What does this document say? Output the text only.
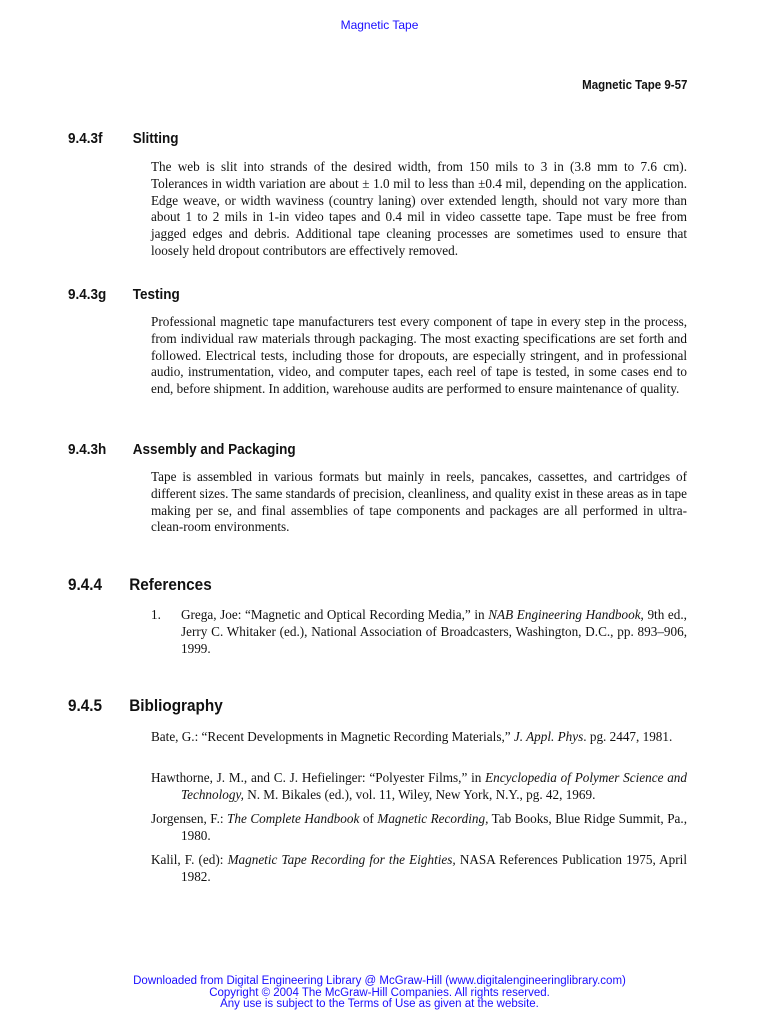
Magnetic Tape
Magnetic Tape 9-57
9.4.3f Slitting

The web is slit into strands of the desired width, from 150 mils to 3 in (3.8 mm to 7.6 cm). Tolerances in width variation are about ± 1.0 mil to less than ±0.4 mil, depending on the application. Edge weave, or width waviness (country laning) over extended length, should not vary more than about 1 to 2 mils in 1-in video tapes and 0.4 mil in video cassette tape. Tape must be free from jagged edges and debris. Additional tape cleaning processes are sometimes used to ensure that loosely held dropout contributors are effectively removed.

9.4.3g Testing

Professional magnetic tape manufacturers test every component of tape in every step in the process, from individual raw materials through packaging. The most exacting specifications are set forth and followed. Electrical tests, including those for dropouts, are especially stringent, and in professional audio, instrumentation, video, and computer tapes, each reel of tape is tested, in some cases end to end, before shipment. In addition, warehouse audits are performed to ensure maintenance of quality.

9.4.3h Assembly and Packaging

Tape is assembled in various formats but mainly in reels, pancakes, cassettes, and cartridges of different sizes. The same standards of precision, cleanliness, and quality exist in these areas as in tape making per se, and final assemblies of tape components and packages are all performed in ultra-clean-room environments.

9.4.4 References
1. Grega, Joe: “Magnetic and Optical Recording Media,” in NAB Engineering Handbook, 9th ed., Jerry C. Whitaker (ed.), National Association of Broadcasters, Washington, D.C., pp. 893–906, 1999.
9.4.5 Bibliography

Bate, G.: “Recent Developments in Magnetic Recording Materials,” J. Appl. Phys. pg. 2447, 1981.

Hawthorne, J. M., and C. J. Hefielinger: “Polyester Films,” in Encyclopedia of Polymer Science and Technology, N. M. Bikales (ed.), vol. 11, Wiley, New York, N.Y., pg. 42, 1969.

Jorgensen, F.: The Complete Handbook of Magnetic Recording, Tab Books, Blue Ridge Summit, Pa., 1980.

Kalil, F. (ed): Magnetic Tape Recording for the Eighties, NASA References Publication 1975, April 1982.

Downloaded from Digital Engineering Library @ McGraw-Hill (www.digitalengineeringlibrary.com)
Copyright © 2004 The McGraw-Hill Companies. All rights reserved.
Any use is subject to the Terms of Use as given at the website.
